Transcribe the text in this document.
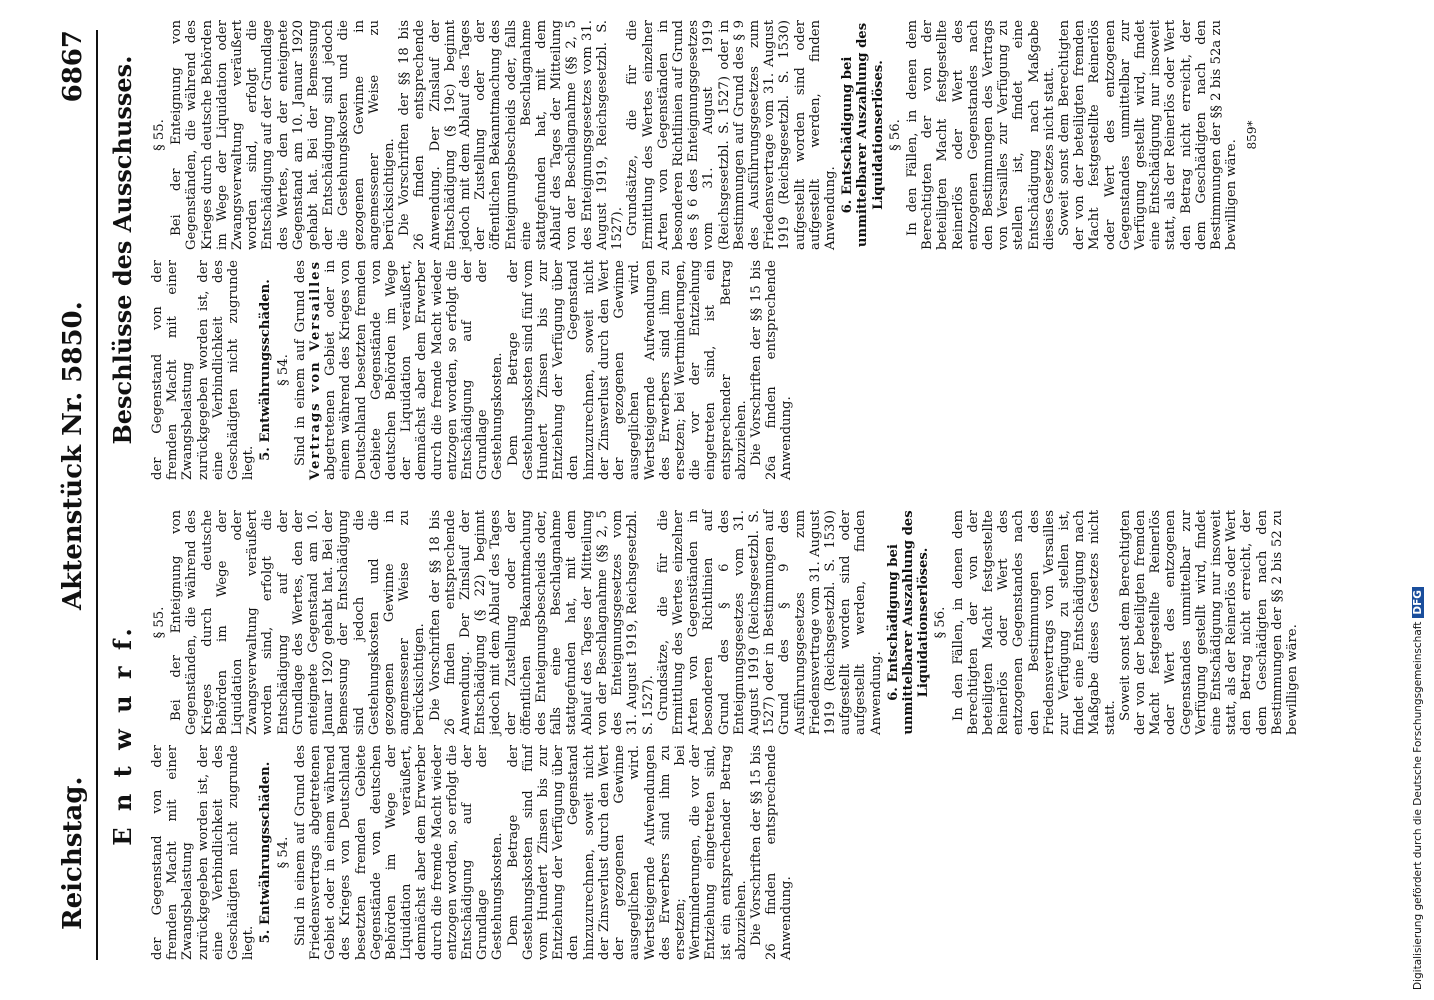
Reichstag.
Aktenstück Nr. 5850.
6867
E n t w u r f.
Beschlüsse des Ausschusses.

der Gegenstand von der fremden Macht mit einer Zwangsbelastung zurückgegeben worden ist, der eine Verbindlichkeit des Geschädigten nicht zugrunde liegt. 5. Entwährungsschäden. § 54. Sind in einem auf Grund des Friedensvertrags abgetretenen Gebiet oder in einem während des Krieges von Deutschland besetzten fremden Gebiete Gegenstände von deutschen Behörden im Wege der Liquidation veräußert, demnächst aber dem Erwerber durch die fremde Macht wieder entzogen worden, so erfolgt die Entschädigung auf der Grundlage der Gestehungskosten. Dem Betrage der Gestehungskosten sind fünf vom Hundert Zinsen bis zur Entziehung der Verfügung über den Gegenstand hinzuzurechnen, soweit nicht der Zinsverlust durch den Wert der gezogenen Gewinne ausgeglichen wird. Wertsteigernde Aufwendungen des Erwerbers sind ihm zu ersetzen; bei Wertminderungen, die vor der Entziehung eingetreten sind, ist ein entsprechender Betrag abzuziehen. Die Vorschriften der §§ 15 bis 26 finden entsprechende Anwendung.

§ 55. Bei der Enteignung von Gegenständen, die während des Krieges durch deutsche Behörden im Wege der Liquidation oder Zwangsverwaltung veräußert worden sind, erfolgt die Entschädigung auf der Grundlage des Wertes, den der enteignete Gegenstand am 10. Januar 1920 gehabt hat. Bei der Bemessung der Entschädigung sind jedoch die Gestehungskosten und die gezogenen Gewinne in angemessener Weise zu berücksichtigen. Die Vorschriften der §§ 18 bis 26 finden entsprechende Anwendung. Der Zinslauf der Entschädigung (§ 22) beginnt jedoch mit dem Ablauf des Tages der Zustellung oder der öffentlichen Bekanntmachung des Enteignungsbescheids oder, falls eine Beschlagnahme stattgefunden hat, mit dem Ablauf des Tages der Mitteilung von der Beschlagnahme (§§ 2, 5 des Enteignungsgesetzes vom 31. August 1919, Reichsgesetzbl. S. 1527). Grundsätze, die für die Ermittlung des Wertes einzelner Arten von Gegenständen in besonderen Richtlinien auf Grund des § 6 des Enteignungsgesetzes vom 31. August 1919 (Reichsgesetzbl. S. 1527) oder in Bestimmungen auf Grund des § 9 des Ausführungsgesetzes zum Friedensvertrage vom 31. August 1919 (Reichsgesetzbl. S. 1530) aufgestellt worden sind oder aufgestellt werden, finden Anwendung. 6. Entschädigung bei unmittelbarer Auszahlung des Liquidationserlöses. § 56. In den Fällen, in denen dem Berechtigten der von der beteiligten Macht festgestellte Reinerlös oder Wert des entzogenen Gegenstandes nach den Bestimmungen des Friedensvertrags von Versailles zur Verfügung zu stellen ist, findet eine Entschädigung nach Maßgabe dieses Gesetzes nicht statt. Soweit sonst dem Berechtigten der von der beteiligten fremden Macht festgestellte Reinerlös oder Wert des entzogenen Gegenstandes unmittelbar zur Verfügung gestellt wird, findet eine Entschädigung nur insoweit statt, als der Reinerlös oder Wert den Betrag nicht erreicht, der dem Geschädigten nach den Bestimmungen der §§ 2 bis 52 zu bewilligen wäre.

der Gegenstand von der fremden Macht mit einer Zwangsbelastung zurückgegeben worden ist, der eine Verbindlichkeit des Geschädigten nicht zugrunde liegt.

5. Entwährungsschäden. § 54. Sind in einem auf Grund des Vertrags von Versailles abgetretenen Gebiet oder in einem während des Krieges von Deutschland besetzten fremden Gebiete Gegenstände von deutschen Behörden im Wege der Liquidation veräußert, demnächst aber dem Erwerber durch die fremde Macht wieder entzogen worden, so erfolgt die Entschädigung auf der Grundlage der Gestehungskosten. Dem Betrage der Gestehungskosten sind fünf vom Hundert Zinsen bis zur Entziehung der Verfügung über den Gegenstand hinzuzurechnen, soweit nicht der Zinsverlust durch den Wert der gezogenen Gewinne ausgeglichen wird. Wertsteigernde Aufwendungen des Erwerbers sind ihm zu ersetzen; bei Wertminderungen, die vor der Entziehung eingetreten sind, ist ein entsprechender Betrag abzuziehen. Die Vorschriften der §§ 15 bis 26a finden entsprechende Anwendung.

§ 55. Bei der Enteignung von Gegenständen, die während des Krieges durch deutsche Behörden im Wege der Liquidation oder Zwangsverwaltung veräußert worden sind, erfolgt die Entschädigung auf der Grundlage des Wertes, den der enteignete Gegenstand am 10. Januar 1920 gehabt hat. Bei der Bemessung der Entschädigung sind jedoch die Gestehungskosten und die gezogenen Gewinne in angemessener Weise zu berücksichtigen. Die Vorschriften der §§ 18 bis 26 finden entsprechende Anwendung. Der Zinslauf der Entschädigung (§ 19c) beginnt jedoch mit dem Ablauf des Tages der Zustellung oder der öffentlichen Bekanntmachung des Enteignungsbescheids oder, falls eine Beschlagnahme stattgefunden hat, mit dem Ablauf des Tages der Mitteilung von der Beschlagnahme (§§ 2, 5 des Enteignungsgesetzes vom 31. August 1919, Reichsgesetzbl. S. 1527). Grundsätze, die für die Ermittlung des Wertes einzelner Arten von Gegenständen in besonderen Richtlinien auf Grund des § 6 des Enteignungsgesetzes vom 31. August 1919 (Reichsgesetzbl. S. 1527) oder in Bestimmungen auf Grund des § 9 des Ausführungsgesetzes zum Friedensvertrage vom 31. August 1919 (Reichsgesetzbl. S. 1530) aufgestellt worden sind oder aufgestellt werden, finden Anwendung. 6. Entschädigung bei unmittelbarer Auszahlung des Liquidationserlöses. § 56. In den Fällen, in denen dem Berechtigten der von der beteiligten Macht festgestellte Reinerlös oder Wert des entzogenen Gegenstandes nach den Bestimmungen des Vertrags von Versailles zur Verfügung zu stellen ist, findet eine Entschädigung nach Maßgabe dieses Gesetzes nicht statt. Soweit sonst dem Berechtigten der von der beteiligten fremden Macht festgestellte Reinerlös oder Wert des entzogenen Gegenstandes unmittelbar zur Verfügung gestellt wird, findet eine Entschädigung nur insoweit statt, als der Reinerlös oder Wert den Betrag nicht erreicht, der dem Geschädigten nach den Bestimmungen der §§ 2 bis 52a zu bewilligen wäre.

859*
Digitalisierung gefördert durch die Deutsche ForschungsgemeinschaftDFG
